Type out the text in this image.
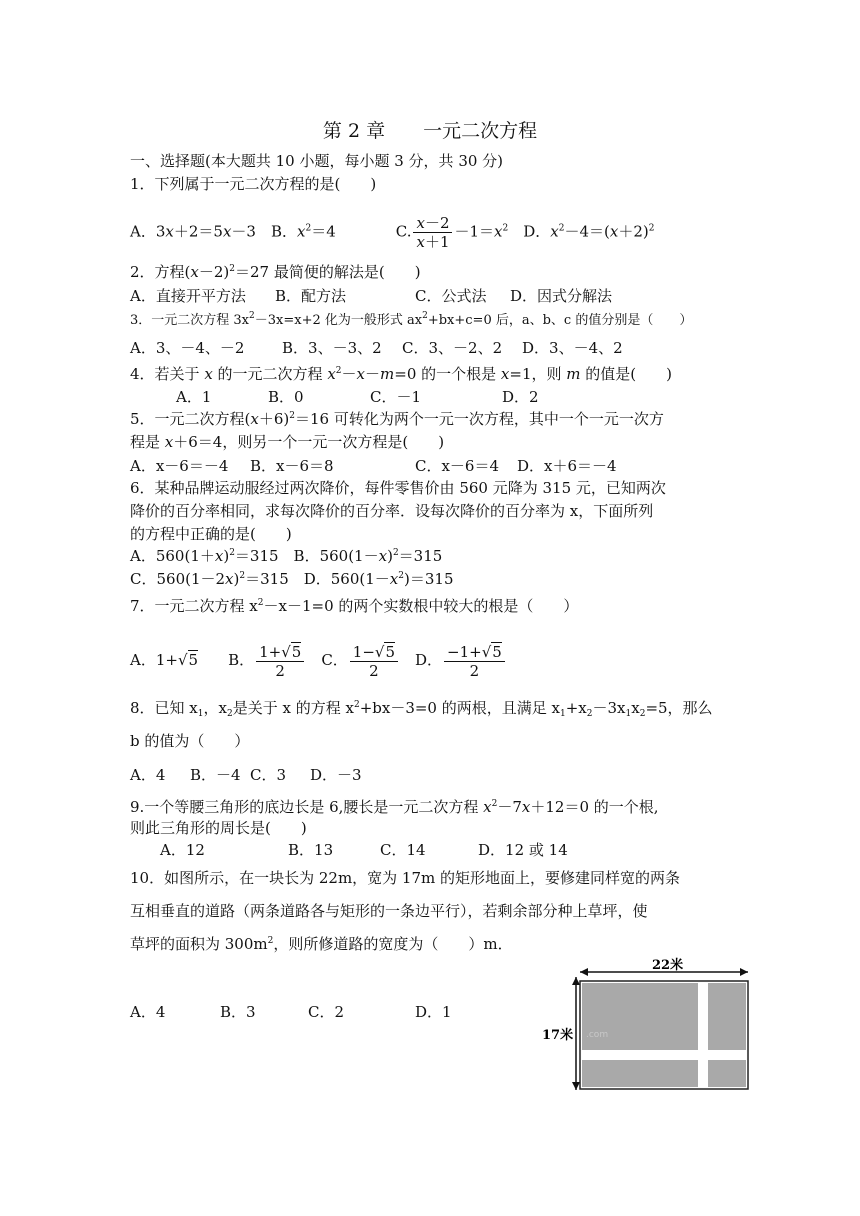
第 2 章　　一元二次方程
一、选择题(本大题共 10 小题，每小题 3 分，共 30 分)
1．下列属于一元二次方程的是(　　)
A．3x＋2＝5x－3　B．$x^2=4$　　　　C. $\frac{x-2}{x+1} -1=x^2$　D．$x^2-4=(x+2)^2$
2．方程$(x-2)^2=27$ 最简便的解法是(　　)
A．直接开平方法 B．配方法	C．公式法 D．因式分解法
3．一元二次方程 $3x^2-3x=x+2$ 化为一般形式 $ax^2+bx+c=0$ 后，a、b、c 的值分别是（　　）
A．3、－4、－2	B．3、－3、2 C．3、－2、2 D．3、－4、2
4．若关于 x 的一元二次方程 $x^2-x-m=0$ 的一个根是 x=1，则 m 的值是(　　)
A．1	B．0	C．－1	D．2
5．一元二次方程$(x+6)^2=16$ 可转化为两个一元一次方程，其中一个一元一次方
程是 x＋6＝4，则另一个一元一次方程是(　　)
A．x－6＝－4 B．x－6＝8	C．x－6＝4 D．x＋6＝－4
6．某种品牌运动服经过两次降价，每件零售价由 560 元降为 315 元，已知两次
降价的百分率相同，求每次降价的百分率．设每次降价的百分率为 x，下面所列
的方程中正确的是(　　)
A．$560(1+x)^2=315$　B．$560(1-x)^2=315$
C．$560(1-2x)^2=315$　D．$560(1-x^2)=315$
7．一元二次方程 $x^2-x-1=0$ 的两个实数根中较大的根是（　　）
A．1+√5　　B． $\frac{1+√5}{2}$ 　C． $\frac{1-√5}{2}$ 　D． $\frac{-1+√5}{2}$
8．已知 $x_1$，$x_2$是关于 x 的方程 $x^2+bx-3=0$ 的两根，且满足 $x_1+x_2-3x_1x_2=5$，那么
b 的值为（　　）
A．4 B．－4 C．3 D．－3
9.一个等腰三角形的底边长是 6,腰长是一元二次方程 $x^2-7x+12=0$ 的一个根,
则此三角形的周长是(　　)
A．12	B．13	C．14	D．12 或 14
10．如图所示，在一块长为 22m，宽为 17m 的矩形地面上，要修建同样宽的两条
互相垂直的道路（两条道路各与矩形的一条边平行），若剩余部分种上草坪，使
草坪的面积为 $300m^2$，则所修道路的宽度为（　　）m．
A．4	B．3	C．2	D．1
22米
17米 .com
